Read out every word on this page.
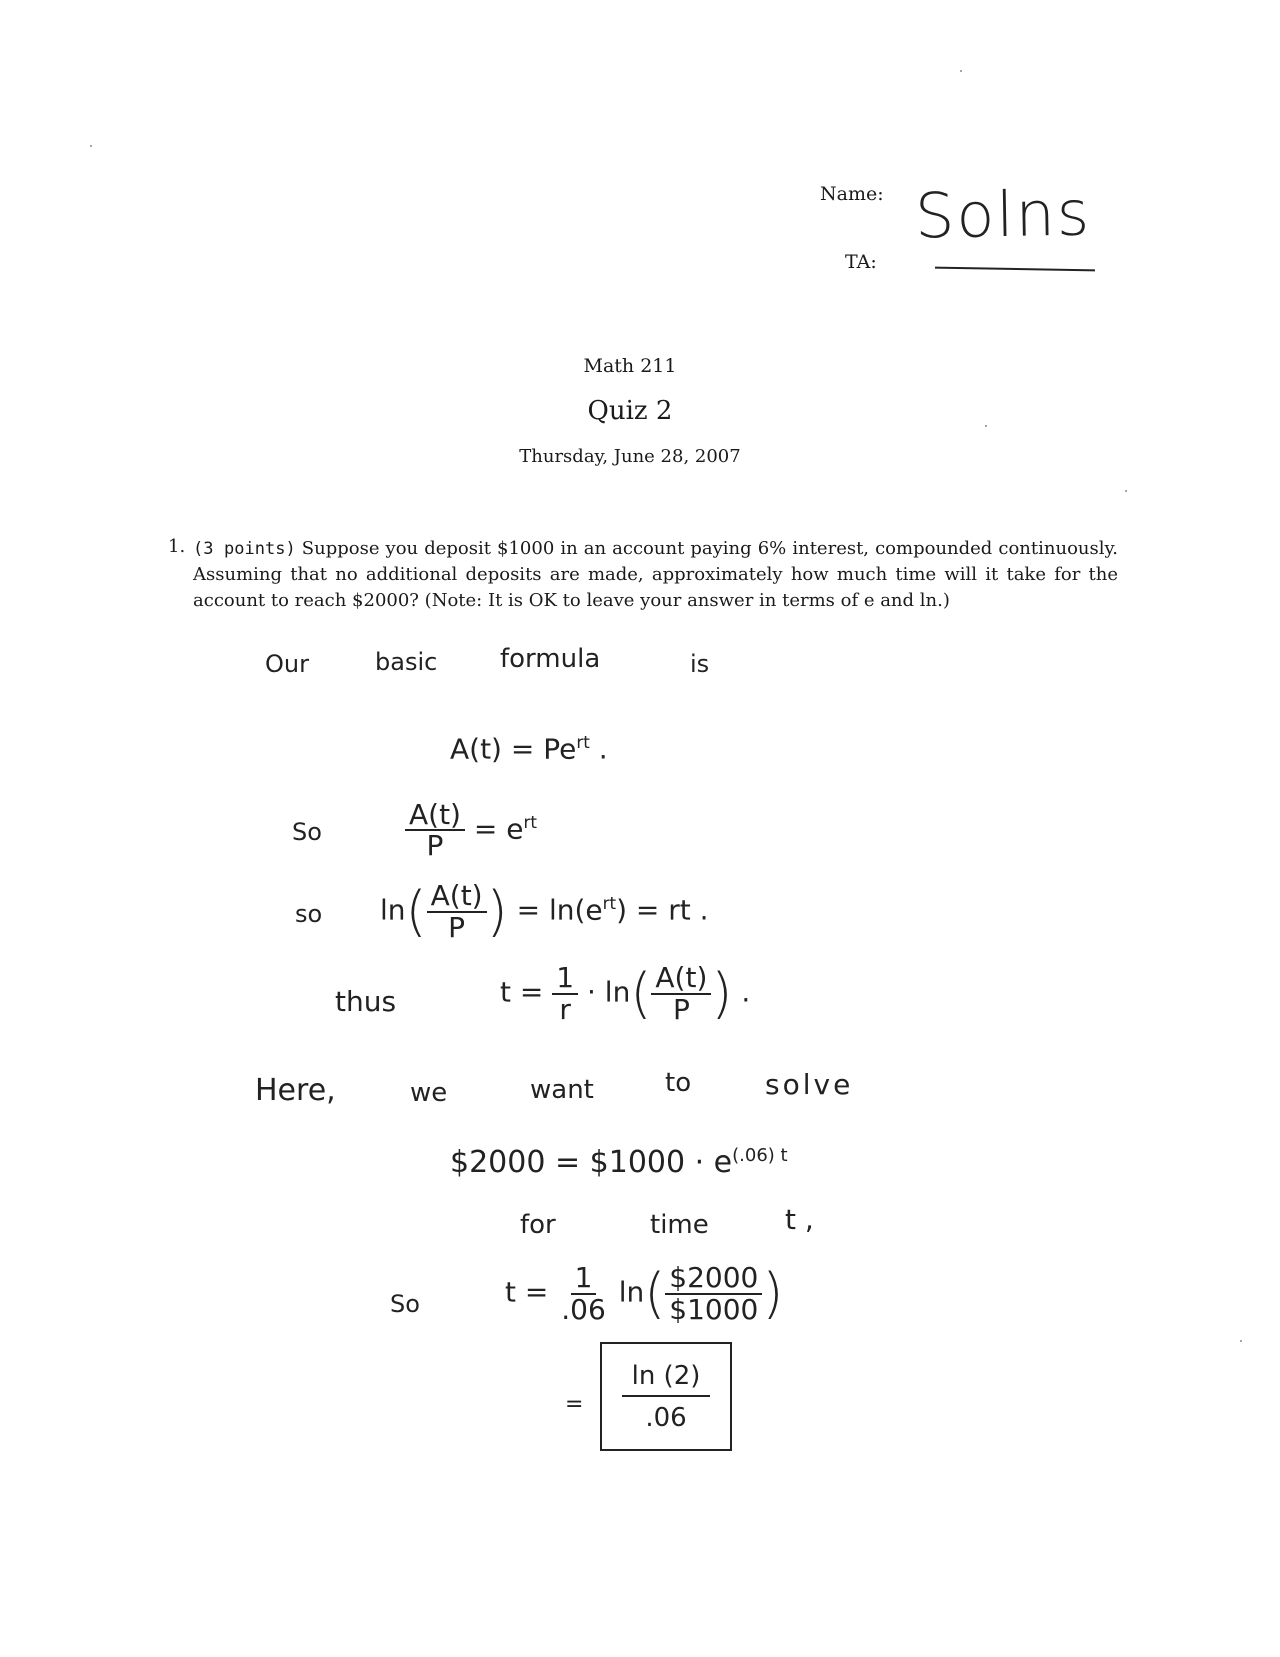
Name:
TA:
Solns
Math 211
Quiz 2
Thursday, June 28, 2007
1. (3 points) Suppose you deposit $1000 in an account paying 6% interest, compounded continuously. Assuming that no additional deposits are made, approximately how much time will it take for the account to reach $2000? (Note: It is OK to leave your answer in terms of e and ln.)
Our	basic formula	is
$A(t) = Pe^{rt}$ .
So	$\frac{A(t)}{P} = e^{rt}$
so $\ln( \frac{A(t)}{P}$ ) = $\ln(e^{rt})$ = rt .
thus	$t = \frac{1}{r} \cdot \ln( \frac{A(t)}{P}$ ) .
Here,	we	want	to	solve
$2000 = $1000 · $e^{(.06) t}$
for	time	t ,
So	$t = \frac{1}{.06} \ln( \frac{\$2000}{\$1000}$ )
= $\frac{\ln (2)}{.06}$
